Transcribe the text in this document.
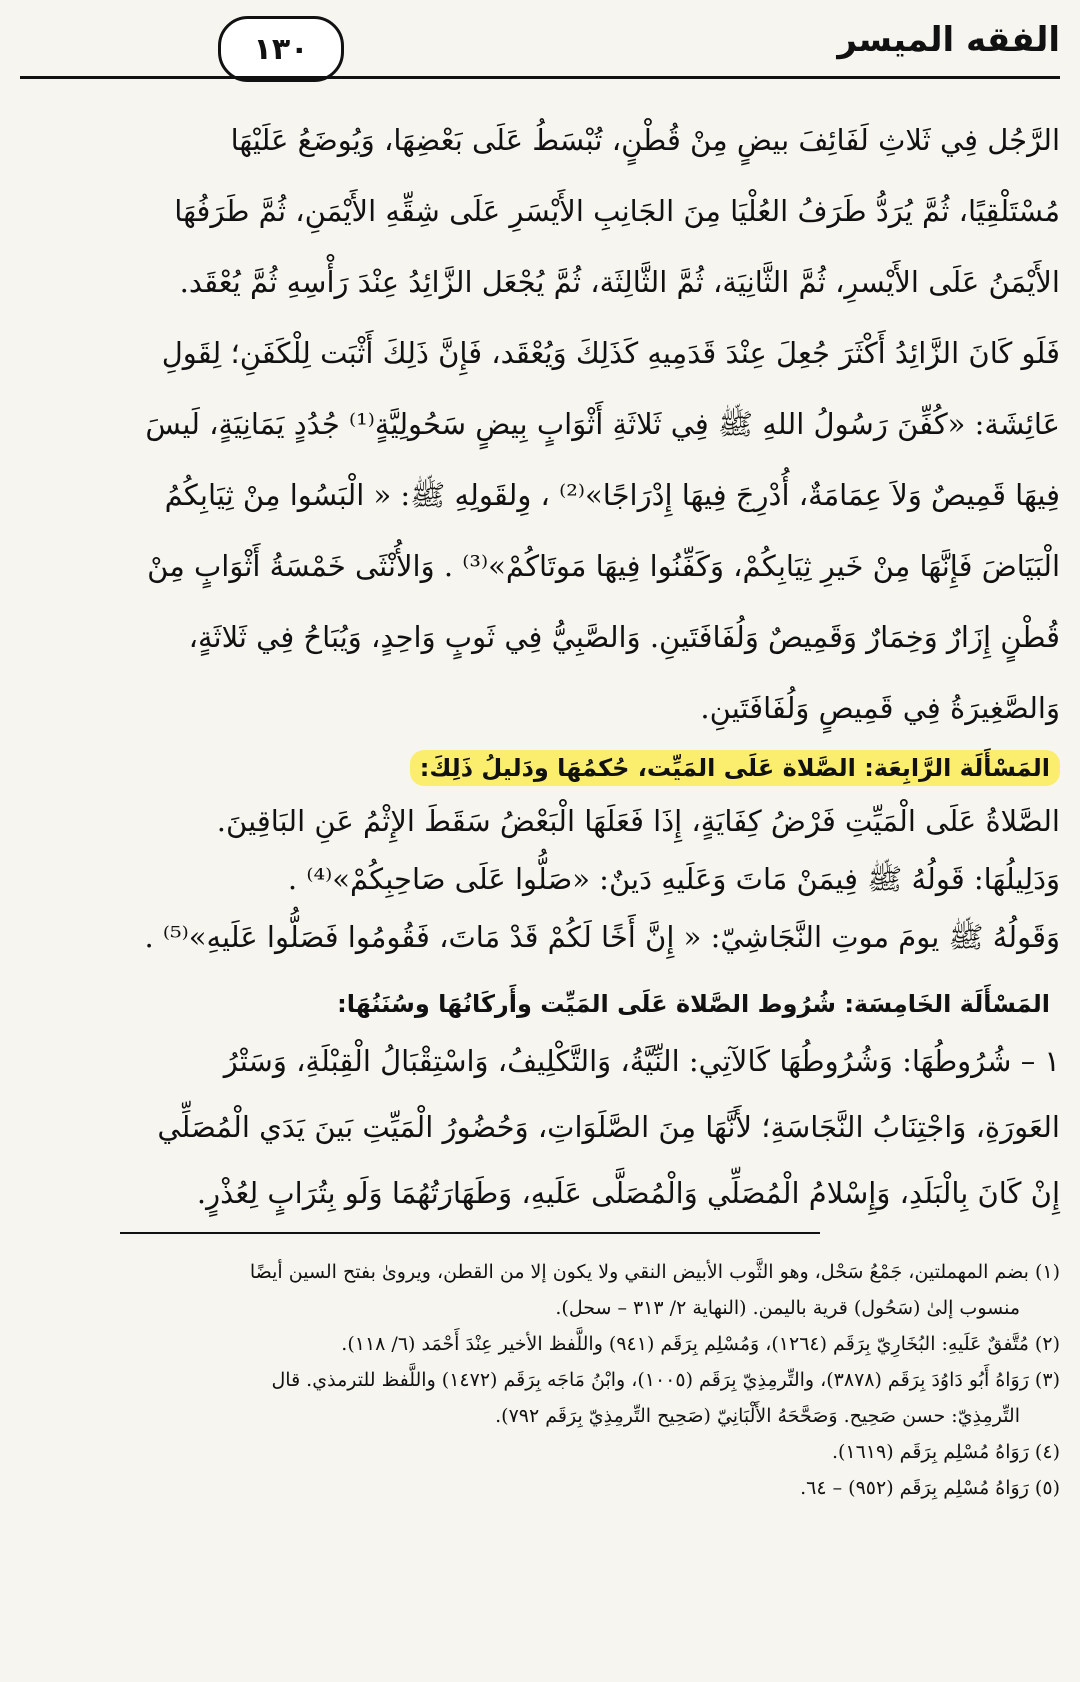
الفقه الميسر
١٣٠

الرَّجُل فِي ثَلاثِ لَفَائِفَ بيضٍ مِنْ قُطْنٍ، تُبْسَطُ عَلَى بَعْضِهَا، وَيُوضَعُ عَلَيْهَا
مُسْتَلْقِيًا، ثُمَّ يُرَدُّ طَرَفُ العُلْيَا مِنَ الجَانِبِ الأَيْسَرِ عَلَى شِقِّهِ الأَيْمَنِ، ثُمَّ طَرَفُهَا
الأَيْمَنُ عَلَى الأَيْسرِ، ثُمَّ الثَّانِيَة، ثُمَّ الثَّالِثَة، ثُمَّ يُجْعَل الزَّائِدُ عِنْدَ رَأْسِهِ ثُمَّ يُعْقَد.
فَلَو كَانَ الزَّائِدُ أَكْثَرَ جُعِلَ عِنْدَ قَدَمِيهِ كَذَلِكَ وَيُعْقَد، فَإِنَّ ذَلِكَ أَثْبَت لِلْكَفَنِ؛ لِقَولِ
عَائِشَة: «كُفِّنَ رَسُولُ اللهِ ﷺ فِي ثَلاثَةِ أَثْوَابٍ بِيضٍ سَحُولِيَّةٍ⁽¹⁾ جُدُدٍ يَمَانِيَةٍ، لَيسَ
فِيهَا قَمِيصٌ وَلاَ عِمَامَةٌ، أُدْرِجَ فِيهَا إِدْرَاجًا»⁽²⁾ ، وِلقَولِهِ ﷺ: « الْبَسُوا مِنْ ثِيَابِكُمُ
الْبَيَاضَ فَإِنَّهَا مِنْ خَيرِ ثِيَابِكُمْ، وَكَفِّنُوا فِيهَا مَوتَاكُمْ»⁽³⁾ . وَالأُنْثَى خَمْسَةُ أَثْوَابٍ مِنْ
قُطْنٍ إِزَارٌ وَخِمَارٌ وَقَمِيصٌ وَلُفَافَتَينِ. وَالصَّبِيُّ فِي ثَوبٍ وَاحِدٍ، وَيُبَاحُ فِي ثَلاثَةٍ،
وَالصَّغِيرَةُ فِي قَمِيصٍ وَلُفَافَتَينِ.

المَسْأَلَة الرَّابِعَة: الصَّلاة عَلَى المَيِّت، حُكمُهَا ودَليلُ ذَلِكَ:
الصَّلاةُ عَلَى الْمَيِّتِ فَرْضُ كِفَايَةٍ، إِذَا فَعَلَهَا الْبَعْضُ سَقَطَ الإِثْمُ عَنِ البَاقِينَ.
وَدَلِيلُهَا: قَولُهُ ﷺ فِيمَنْ مَاتَ وَعَلَيهِ دَينٌ: «صَلُّوا عَلَى صَاحِبِكُمْ»⁽⁴⁾ .
وَقَولُهُ ﷺ يومَ موتِ النَّجَاشِيّ: « إِنَّ أَخًا لَكُمْ قَدْ مَاتَ، فَقُومُوا فَصَلُّوا عَلَيهِ»⁽⁵⁾ .
المَسْأَلَة الخَامِسَة: شُرُوط الصَّلاة عَلَى المَيِّت وأَركَانُهَا وسُنَنُهَا:
١ – شُرُوطُهَا: وَشُرُوطُهَا كَالآتِي: النِّيَّةُ، وَالتَّكْلِيفُ، وَاسْتِقْبَالُ الْقِبْلَةِ، وَسَتْرُ
العَورَةِ، وَاجْتِنَابُ النَّجَاسَةِ؛ لأَنَّهَا مِنَ الصَّلَوَاتِ، وَحُضُورُ الْمَيِّتِ بَينَ يَدَي الْمُصَلِّي
إِنْ كَانَ بِالْبَلَدِ، وَإِسْلامُ الْمُصَلِّي وَالْمُصَلَّى عَلَيهِ، وَطَهَارَتُهُمَا وَلَو بِتُرَابٍ لِعُذْرٍ.
(١) بضم المهملتين، جَمْعُ سَحْل، وهو الثَّوب الأبيض النقي ولا يكون إلا من القطن، ويروىٰ بفتح السين أيضًا
منسوب إلىٰ (سَحُول) قرية باليمن. (النهاية ٢/ ٣١٣ – سحل).
(٢) مُتَّفقٌ عَلَيهِ: البُخَارِيّ بِرَقَم (١٢٦٤)، وَمُسْلِم بِرَقَم (٩٤١) واللَّفظ الأخير عِنْدَ أَحْمَد (٦/ ١١٨).
(٣) رَوَاهُ أَبُو دَاوُدَ بِرَقَم (٣٨٧٨)، والتِّرمِذِيّ بِرَقَم (١٠٠٥)، وابْنُ مَاجَه بِرَقَم (١٤٧٢) واللَّفظ للترمذي. قال
التِّرمِذِيّ: حسن صَحِيح. وَصَحَّحَهُ الأَلْبَانِيّ (صَحِيح التِّرمِذِيّ بِرَقَم ٧٩٢).
(٤) رَوَاهُ مُسْلِم بِرَقَم (١٦١٩).
(٥) رَوَاهُ مُسْلِم بِرَقَم (٩٥٢) – ٦٤.
